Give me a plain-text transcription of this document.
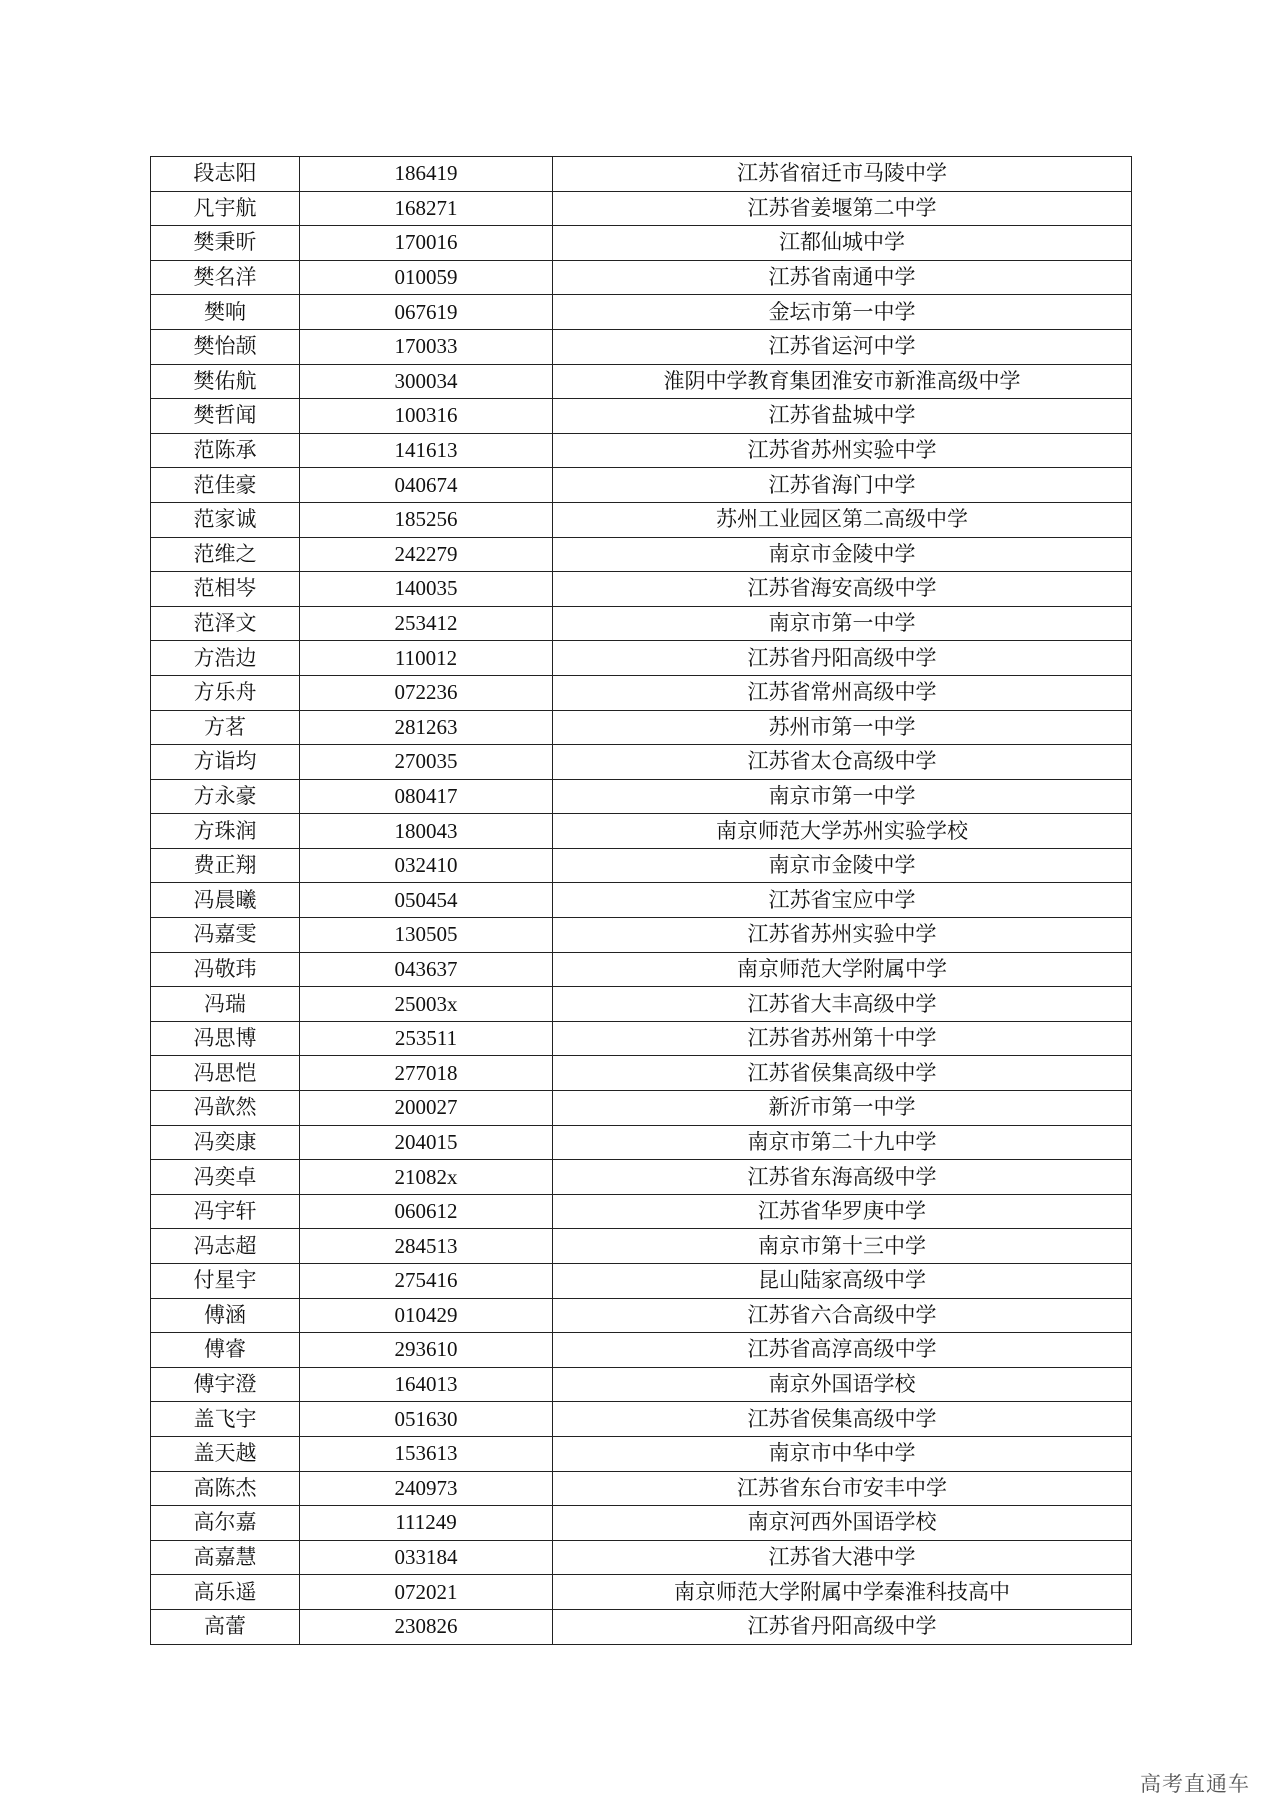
段志阳	186419	江苏省宿迁市马陵中学
凡宇航	168271	江苏省姜堰第二中学
樊秉昕	170016	江都仙城中学
樊名洋	010059	江苏省南通中学
樊响	067619	金坛市第一中学
樊怡颉	170033	江苏省运河中学
樊佑航	300034	淮阴中学教育集团淮安市新淮高级中学
樊哲闻	100316	江苏省盐城中学
范陈承	141613	江苏省苏州实验中学
范佳豪	040674	江苏省海门中学
范家诚	185256	苏州工业园区第二高级中学
范维之	242279	南京市金陵中学
范相岑	140035	江苏省海安高级中学
范泽文	253412	南京市第一中学
方浩边	110012	江苏省丹阳高级中学
方乐舟	072236	江苏省常州高级中学
方茗	281263	苏州市第一中学
方诣均	270035	江苏省太仓高级中学
方永豪	080417	南京市第一中学
方珠润	180043	南京师范大学苏州实验学校
费正翔	032410	南京市金陵中学
冯晨曦	050454	江苏省宝应中学
冯嘉雯	130505	江苏省苏州实验中学
冯敬玮	043637	南京师范大学附属中学
冯瑞	25003x	江苏省大丰高级中学
冯思博	253511	江苏省苏州第十中学
冯思恺	277018	江苏省侯集高级中学
冯歆然	200027	新沂市第一中学
冯奕康	204015	南京市第二十九中学
冯奕卓	21082x	江苏省东海高级中学
冯宇轩	060612	江苏省华罗庚中学
冯志超	284513	南京市第十三中学
付星宇	275416	昆山陆家高级中学
傅涵	010429	江苏省六合高级中学
傅睿	293610	江苏省高淳高级中学
傅宇澄	164013	南京外国语学校
盖飞宇	051630	江苏省侯集高级中学
盖天越	153613	南京市中华中学
高陈杰	240973	江苏省东台市安丰中学
高尔嘉	111249	南京河西外国语学校
高嘉慧	033184	江苏省大港中学
高乐遥	072021	南京师范大学附属中学秦淮科技高中
高蕾	230826	江苏省丹阳高级中学
高考直通车
